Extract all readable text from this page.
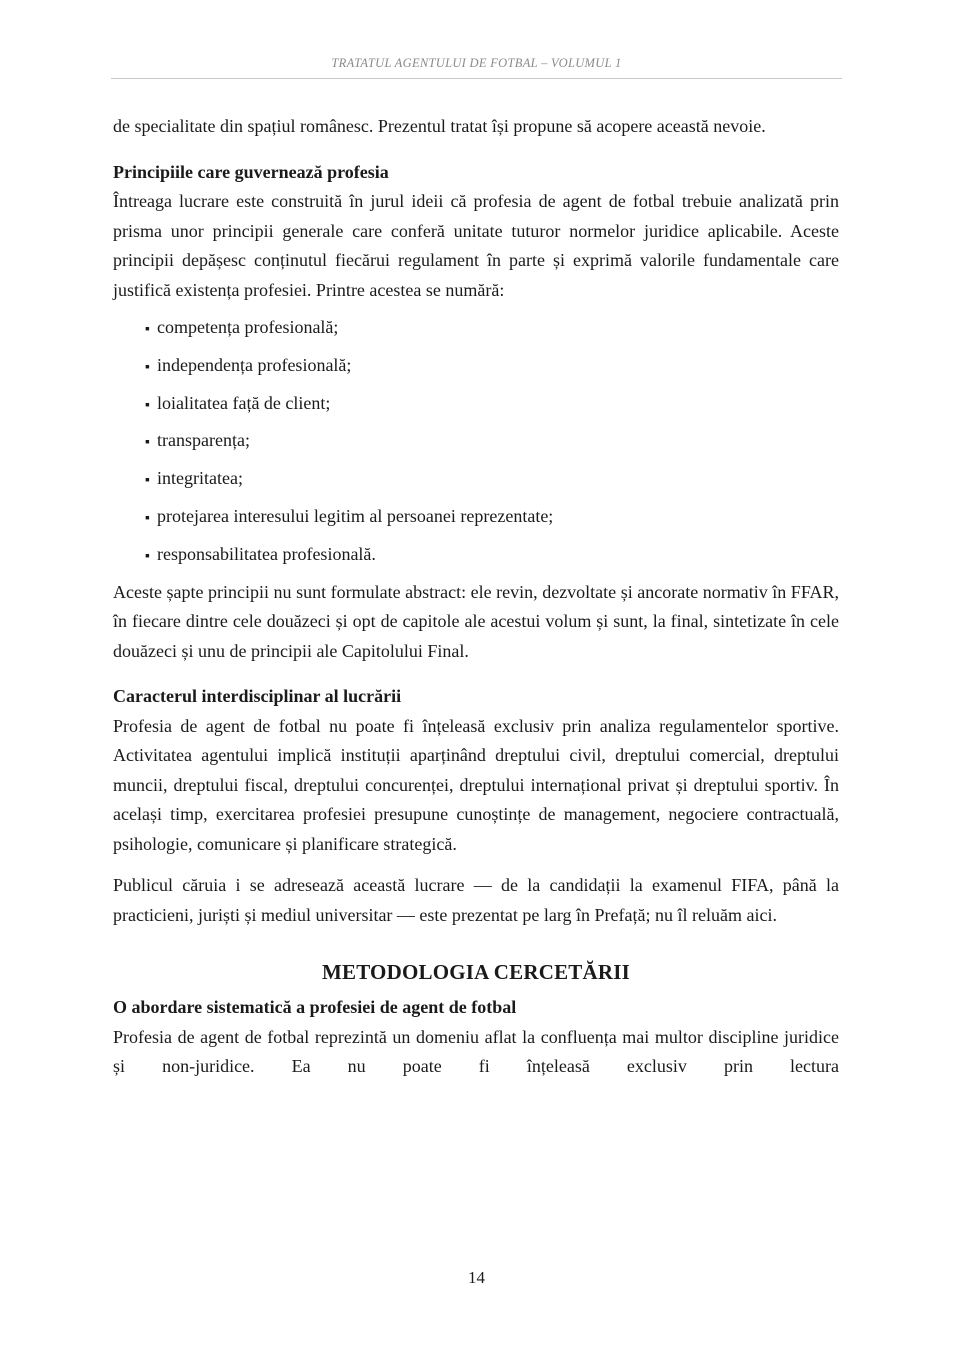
TRATATUL AGENTULUI DE FOTBAL – VOLUMUL 1

de specialitate din spațiul românesc. Prezentul tratat își propune să acopere această nevoie.

Principiile care guvernează profesia

Întreaga lucrare este construită în jurul ideii că profesia de agent de fotbal trebuie analizată prin prisma unor principii generale care conferă unitate tuturor normelor juridice aplicabile. Aceste principii depășesc conținutul fiecărui regulament în parte și exprimă valorile fundamentale care justifică existența profesiei. Printre acestea se numără:

▪ competența profesională;
▪ independența profesională;
▪ loialitatea față de client;
▪ transparența;
▪ integritatea;
▪ protejarea interesului legitim al persoanei reprezentate;
▪ responsabilitatea profesională.

Aceste șapte principii nu sunt formulate abstract: ele revin, dezvoltate și ancorate normativ în FFAR, în fiecare dintre cele douăzeci și opt de capitole ale acestui volum și sunt, la final, sintetizate în cele douăzeci și unu de principii ale Capitolului Final.

Caracterul interdisciplinar al lucrării

Profesia de agent de fotbal nu poate fi înțeleasă exclusiv prin analiza regulamentelor sportive. Activitatea agentului implică instituții aparținând dreptului civil, dreptului comercial, dreptului muncii, dreptului fiscal, dreptului concurenței, dreptului internațional privat și dreptului sportiv. În același timp, exercitarea profesiei presupune cunoștințe de management, negociere contractuală, psihologie, comunicare și planificare strategică.

Publicul căruia i se adresează această lucrare — de la candidații la examenul FIFA, până la practicieni, juriști și mediul universitar — este prezentat pe larg în Prefață; nu îl reluăm aici.

METODOLOGIA CERCETĂRII
O abordare sistematică a profesiei de agent de fotbal

Profesia de agent de fotbal reprezintă un domeniu aflat la confluența mai multor discipline juridice și non-juridice. Ea nu poate fi înțeleasă exclusiv prin lectura

14
